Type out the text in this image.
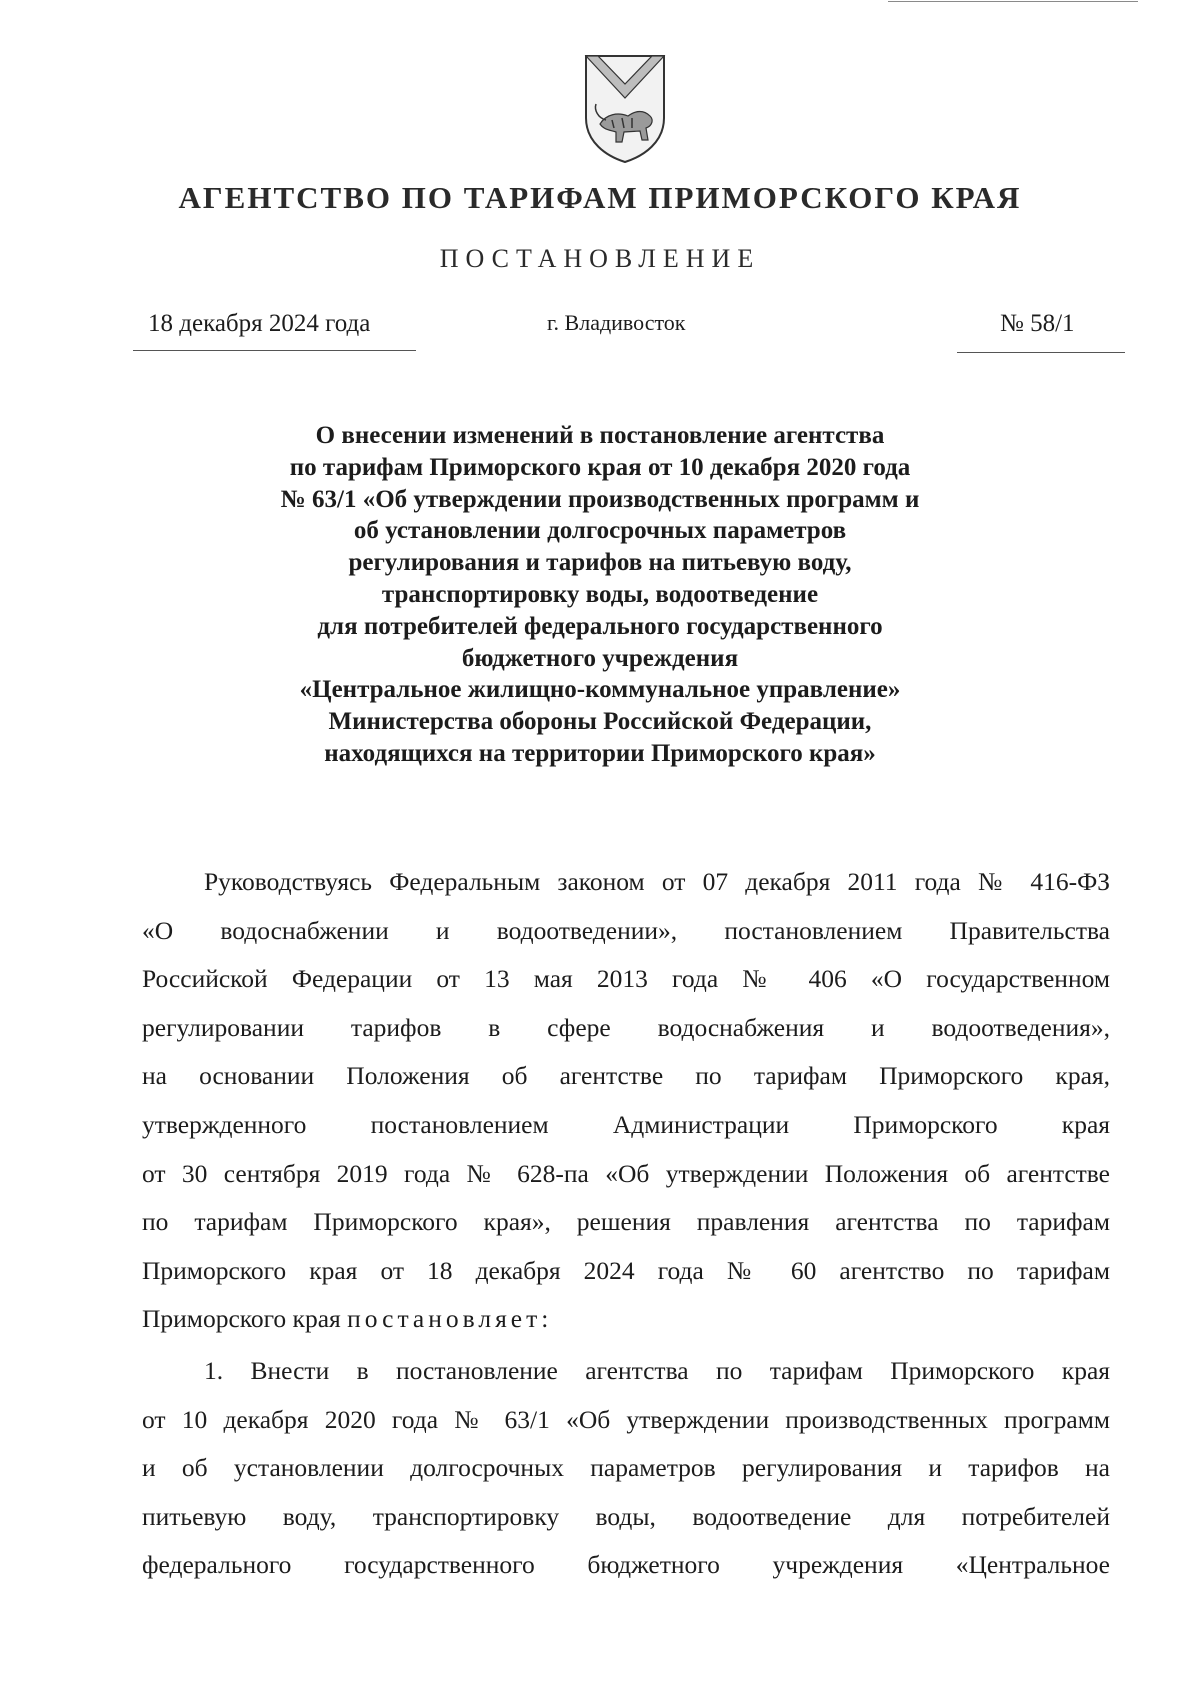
АГЕНТСТВО ПО ТАРИФАМ ПРИМОРСКОГО КРАЯ
ПОСТАНОВЛЕНИЕ
18 декабря 2024 года	г. Владивосток	№ 58/1
О внесении изменений в постановление агентства
по тарифам Приморского края от 10 декабря 2020 года
№ 63/1 «Об утверждении производственных программ и
об установлении долгосрочных параметров
регулирования и тарифов на питьевую воду,
транспортировку воды, водоотведение
для потребителей федерального государственного
бюджетного учреждения
«Центральное жилищно-коммунальное управление»
Министерства обороны Российской Федерации,
находящихся на территории Приморского края»

Руководствуясь Федеральным законом от 07 декабря 2011 года № 416-ФЗ

«О водоснабжении и водоотведении», постановлением Правительства

Российской Федерации от 13 мая 2013 года № 406 «О государственном

регулировании тарифов в сфере водоснабжения и водоотведения»,

на основании Положения об агентстве по тарифам Приморского края,

утвержденного постановлением Администрации Приморского края

от 30 сентября 2019 года № 628-па «Об утверждении Положения об агентстве

по тарифам Приморского края», решения правления агентства по тарифам

Приморского края от 18 декабря 2024 года № 60 агентство по тарифам

Приморского края постановляет:

1. Внести в постановление агентства по тарифам Приморского края

от 10 декабря 2020 года № 63/1 «Об утверждении производственных программ

и об установлении долгосрочных параметров регулирования и тарифов на

питьевую воду, транспортировку воды, водоотведение для потребителей

федерального государственного бюджетного учреждения «Центральное
